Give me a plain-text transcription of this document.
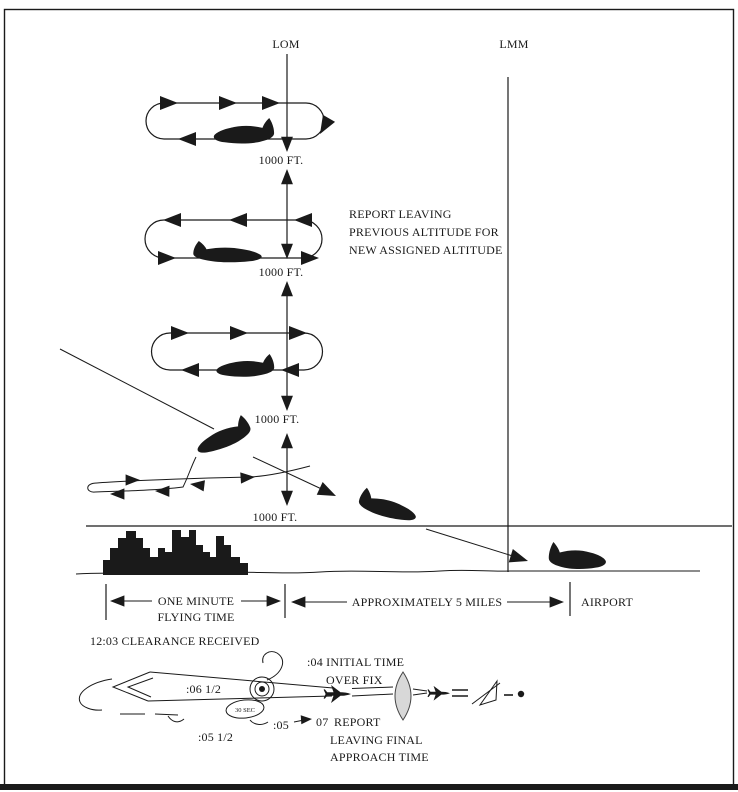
LOM	LMM
1000 FT.
1000 FT.
1000 FT.
1000 FT.
REPORT LEAVING
PREVIOUS ALTITUDE FOR
NEW ASSIGNED ALTITUDE
ONE MINUTE
FLYING TIME
APPROXIMATELY 5 MILES	AIRPORT
12:03 CLEARANCE RECEIVED
:06 1/2
30 SEC
:05 1/2
:05
:04 INITIAL TIME
OVER FIX
07 REPORT
LEAVING FINAL
APPROACH TIME
